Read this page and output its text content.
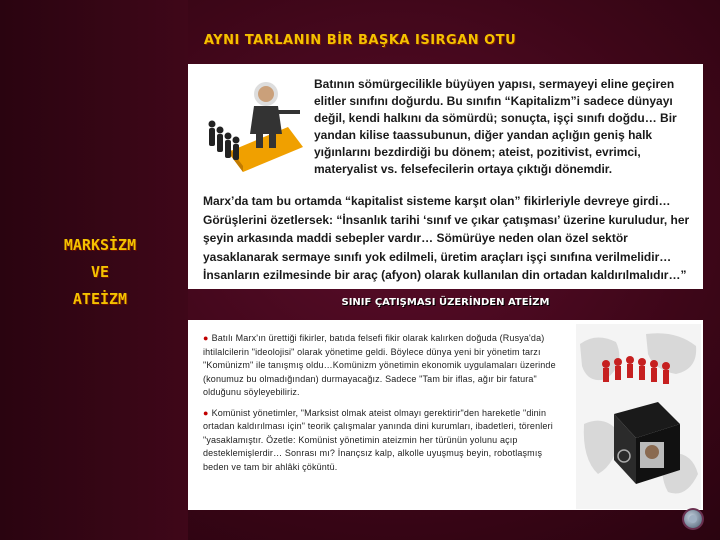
AYNI TARLANIN BİR BAŞKA ISIRGAN OTU
Batının sömürgecilikle büyüyen yapısı, sermayeyi eline geçiren elitler sınıfını doğurdu. Bu sınıfın “Kapitalizm”i sadece dünyayı değil, kendi halkını da sömürdü; sonuçta, işçi sınıfı doğdu… Bir yandan kilise taassubunun, diğer yandan açlığın geniş halk yığınlarını bezdirdiği bu dönem; ateist, pozitivist, evrimci, materyalist vs. felsefecilerin ortaya çıktığı dönemdir.
Marx’da tam bu ortamda “kapitalist sisteme karşıt olan” fikirleriyle devreye girdi… Görüşlerini özetlersek: “İnsanlık tarihi ‘sınıf ve çıkar çatışması’ üzerine kuruludur, her şeyin arkasında maddi sebepler vardır… Sömürüye neden olan özel sektör yasaklanarak sermaye sınıfı yok edilmeli, üretim araçları işçi sınıfına verilmelidir… İnsanların ezilmesinde bir araç (afyon) olarak kullanılan din ortadan kaldırılmalıdır…”
MARKSİZM
VE
ATEİZM	SINIF ÇATIŞMASI ÜZERİNDEN ATEİZM

● Batılı Marx'ın ürettiği fikirler, batıda felsefi fikir olarak kalırken doğuda (Rusya'da) ihtilalcilerin "ideolojisi" olarak yönetime geldi. Böylece dünya yeni bir yönetim tarzı "Komünizm" ile tanışmış oldu…Komünizm yönetimin ekonomik uygulamaları üzerinde (konumuz bu olmadığından) durmayacağız. Sadece "Tam bir iflas, ağır bir fatura" olduğunu söyleyebiliriz.

● Komünist yönetimler, "Marksist olmak ateist olmayı gerektirir"den hareketle "dinin ortadan kaldırılması için" teorik çalışmalar yanında dini kurumları, ibadetleri, törenleri "yasaklamıştır. Özetle: Komünist yönetimin ateizmin her türünün yolunu açıp desteklemişlerdir… Sonrası mı? İnançsız kalp, alkolle uyuşmuş beyin, robotlaşmış beden ve tam bir ahlâki çöküntü.
